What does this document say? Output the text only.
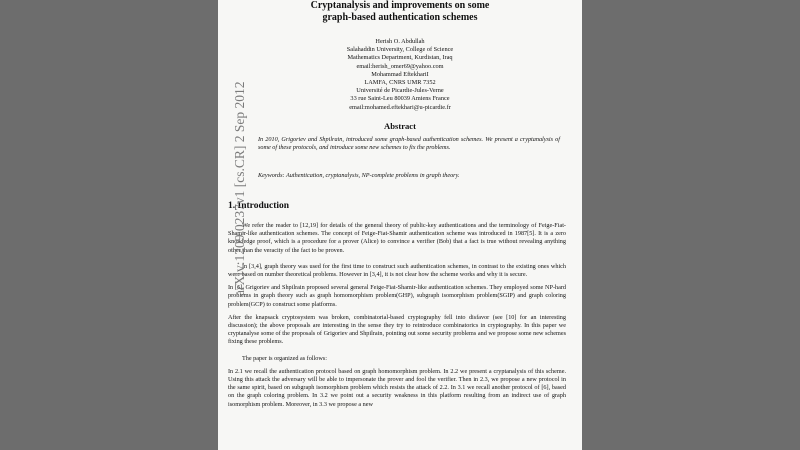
Cryptanalysis and improvements on some
graph-based authentication schemes
Herish O. Abdullah
Salahaddin University, College of Science
Mathematics Department, Kurdistan, Iraq
email:herish_omer69@yahoo.com
Mohammad EftekhariI
LAMFA, CNRS UMR 7352
Université de Picardie-Jules-Verne
33 rue Saint-Leu 80039 Amiens France
email:mohamed.eftekhari@u-picardie.fr
Abstract
In 2010, Grigoriev and Shpilrain, introduced some graph-based authentication schemes. We present a cryptanalysis of some of these protocols, and introduce some new schemes to fix the problems.
Keywords: Authentication, cryptanalysis, NP-complete problems in graph theory.
1. Introduction

We refer the reader to [12,19] for details of the general theory of public-key authentications and the terminology of Feige-Fiat-Shamir-like authentication schemes. The concept of Feige-Fiat-Shamir authentication scheme was introduced in 1987[5]. It is a zero knowledge proof, which is a procedure for a prover (Alice) to convince a verifier (Bob) that a fact is true without revealing anything other than the veracity of the fact to be proven.

In [3,4], graph theory was used for the first time to construct such authentication schemes, in contrast to the existing ones which were based on number theoretical problems. However in [3,4], it is not clear how the scheme works and why it is secure.

In [6], Grigoriev and Shpilrain proposed several general Feige-Fiat-Shamir-like authentication schemes. They employed some NP-hard problems in graph theory such as graph homomorphism problem(GHP), subgraph isomorphism problem(SGIP) and graph coloring problem(GCP) to construct some platforms.

After the knapsack cryptosystem was broken, combinatorial-based cryptography fell into disfavor (see [10] for an interesting discussion); the above proposals are interesting in the sense they try to reintroduce combinatorics in cryptography. In this paper we cryptanalyse some of the proposals of Grigoriev and Shpilrain, pointing out some security problems and we propose some new schemes fixing these problems.

The paper is organized as follows:

In 2.1 we recall the authentication protocol based on graph homomorphism problem. In 2.2 we present a cryptanalysis of this scheme. Using this attack the adversary will be able to impersonate the prover and fool the verifier. Then in 2.3, we propose a new protocol in the same spirit, based on subgraph isomorphism problem which resists the attack of 2.2. In 3.1 we recall another protocol of [6], based on the graph coloring problem. In 3.2 we point out a security weakness in this platform resulting from an indirect use of graph isomorphism problem. Moreover, in 3.3 we propose a new

arXiv:1209.0237v1 [cs.CR] 2 Sep 2012
